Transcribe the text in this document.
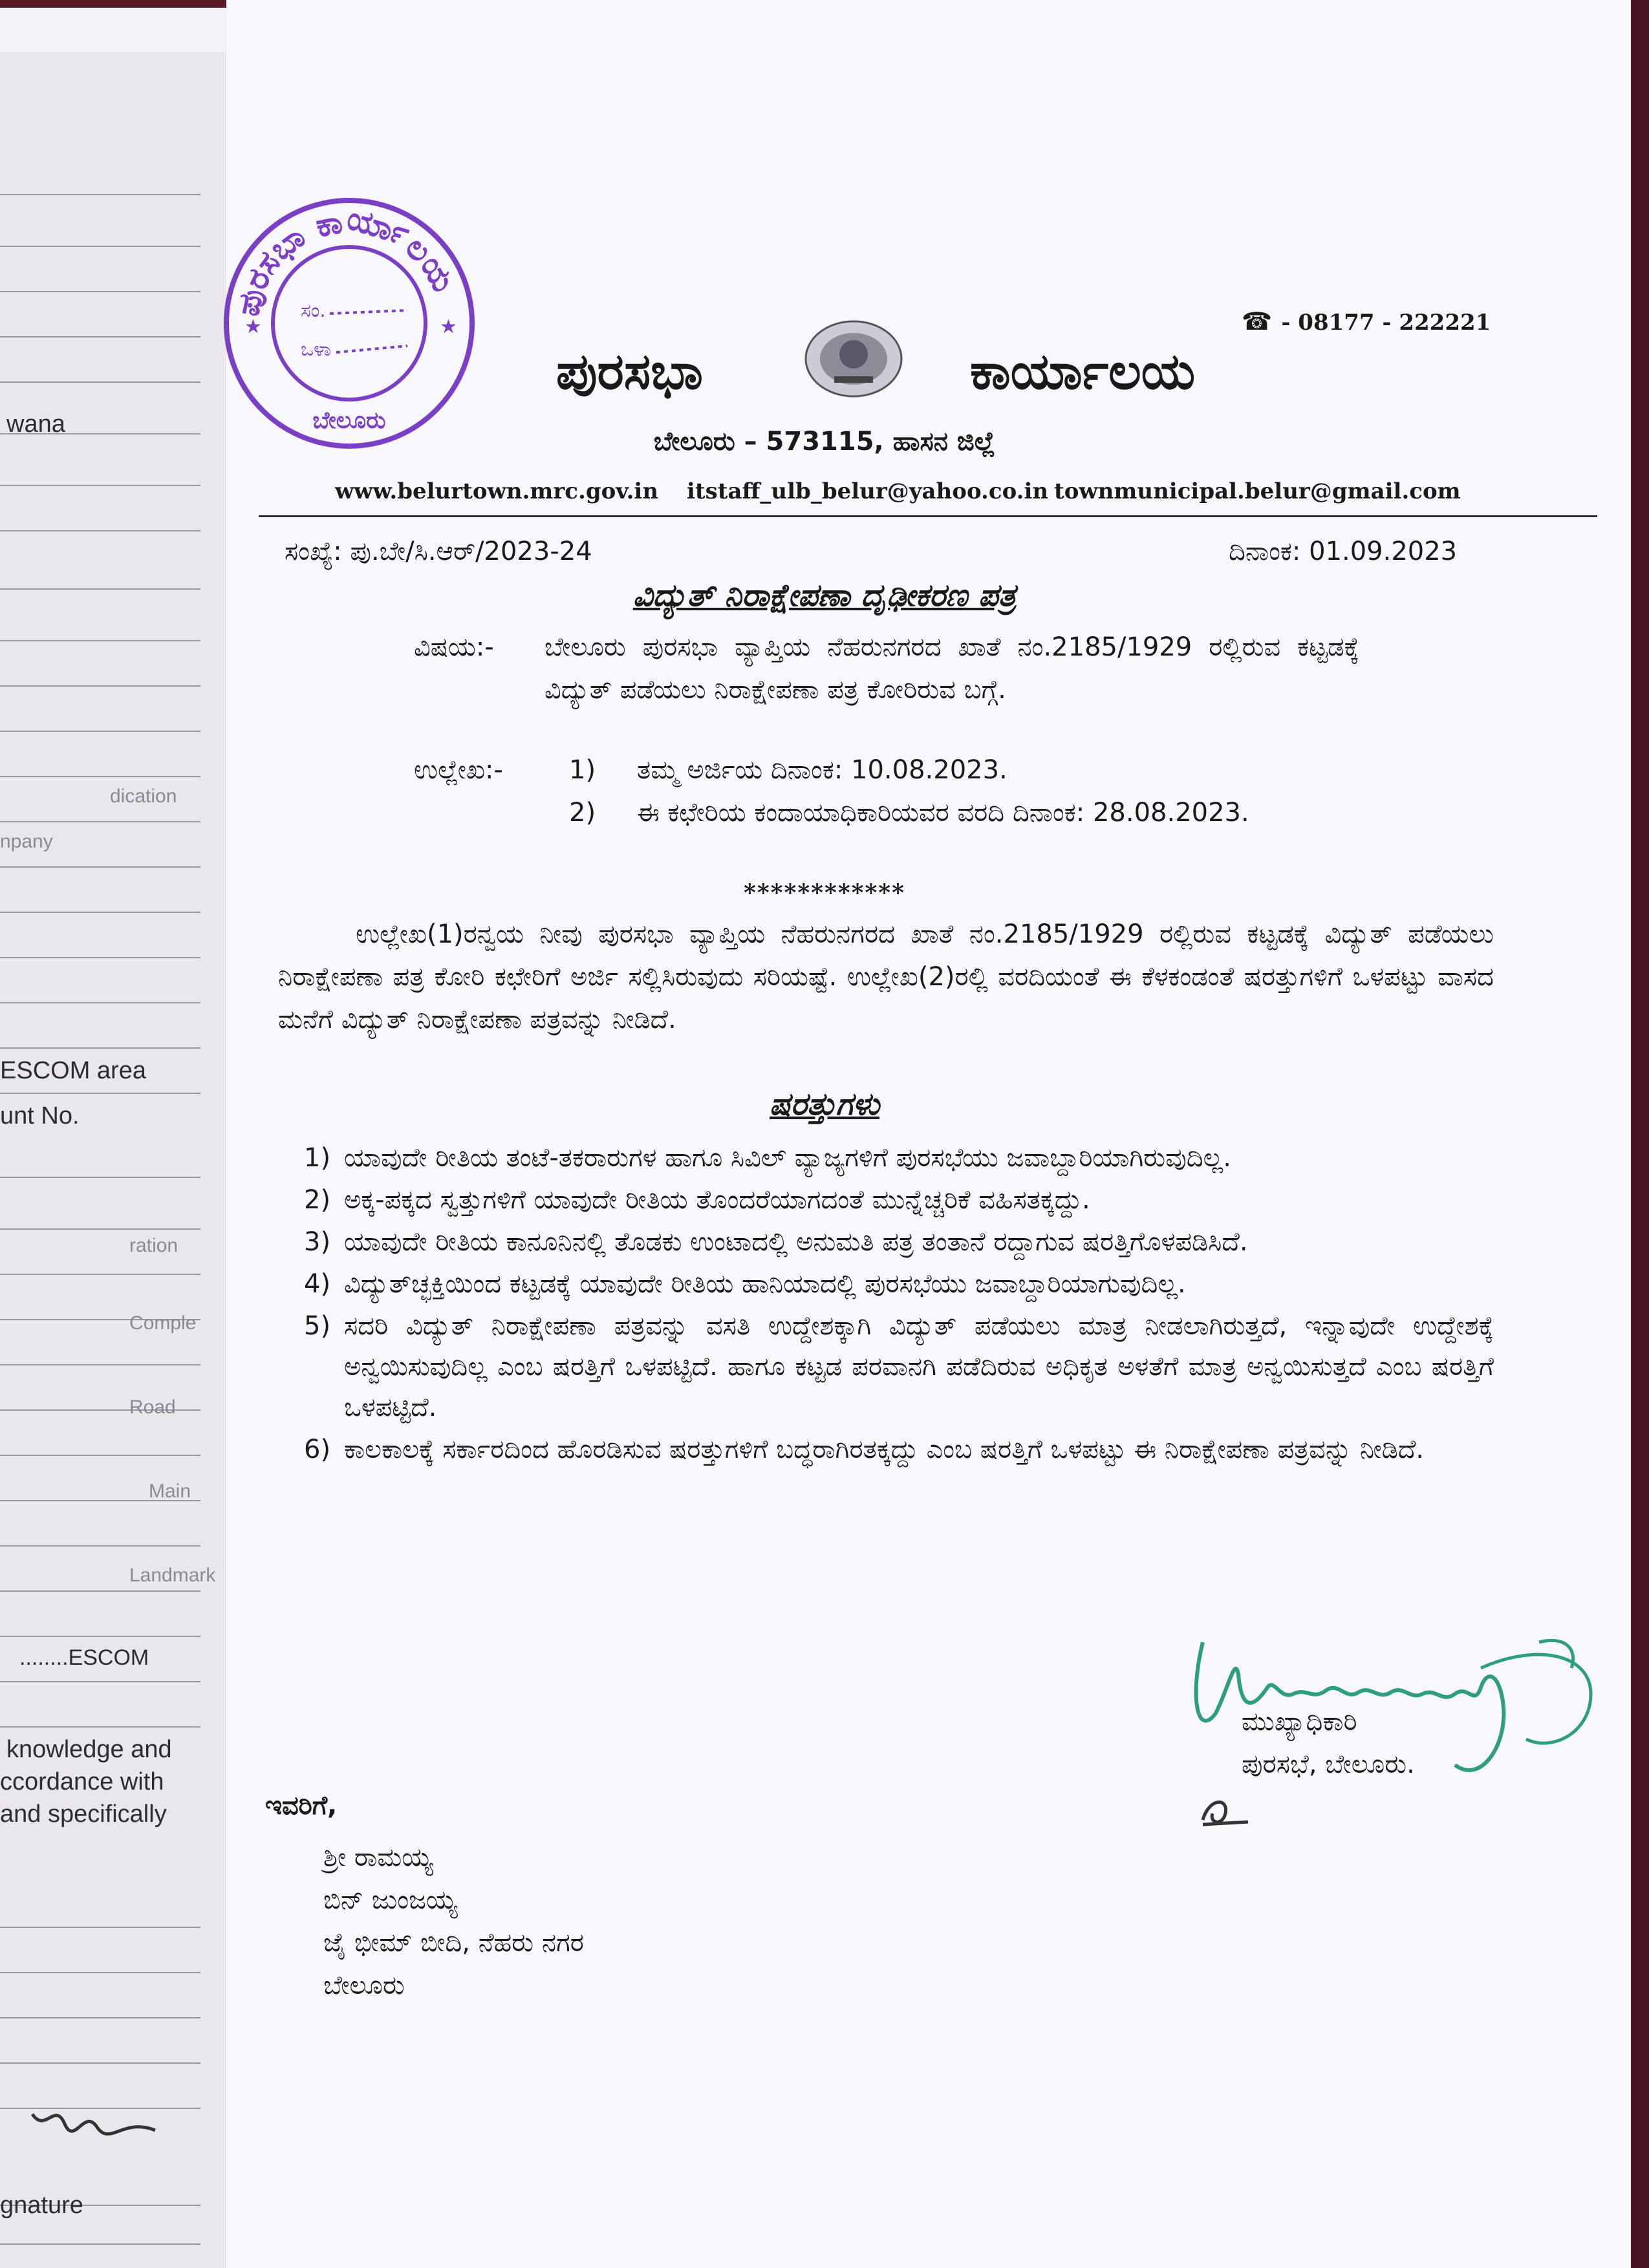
wana
npany
dication
ESCOM area
unt No.
ration
Comple
Road
Main
Landmark
........ESCOM
knowledge and
ccordance with
and specifically
gnature
ಪುರಸಭಾ ಕಾರ್ಯಾಲಯ
ಸಂ.
ಒಳಾ
ಬೇಲೂರು
★	★	☎ - 08177 - 222221
ಪುರಸಭಾ	ಕಾರ್ಯಾಲಯ
ಬೇಲೂರು – 573115, ಹಾಸನ ಜಿಲ್ಲೆ
www.belurtown.mrc.gov.in itstaff_ulb_belur@yahoo.co.in townmunicipal.belur@gmail.com
ಸಂಖ್ಯೆ: ಪು.ಬೇ/ಸಿ.ಆರ್/2023-24	ದಿನಾಂಕ: 01.09.2023
ವಿದ್ಯುತ್ ನಿರಾಕ್ಷೇಪಣಾ ದೃಢೀಕರಣ ಪತ್ರ
ವಿಷಯ:- ಬೇಲೂರು ಪುರಸಭಾ ವ್ಯಾಪ್ತಿಯ ನೆಹರುನಗರದ ಖಾತೆ ನಂ.2185/1929 ರಲ್ಲಿರುವ ಕಟ್ಟಡಕ್ಕೆ ವಿದ್ಯುತ್ ಪಡೆಯಲು ನಿರಾಕ್ಷೇಪಣಾ ಪತ್ರ ಕೋರಿರುವ ಬಗ್ಗೆ.
ಉಲ್ಲೇಖ:-	1) ತಮ್ಮ ಅರ್ಜಿಯ ದಿನಾಂಕ: 10.08.2023.
2) ಈ ಕಛೇರಿಯ ಕಂದಾಯಾಧಿಕಾರಿಯವರ ವರದಿ ದಿನಾಂಕ: 28.08.2023.
************
ಉಲ್ಲೇಖ(1)ರನ್ವಯ ನೀವು ಪುರಸಭಾ ವ್ಯಾಪ್ತಿಯ ನೆಹರುನಗರದ ಖಾತೆ ನಂ.2185/1929 ರಲ್ಲಿರುವ ಕಟ್ಟಡಕ್ಕೆ ವಿದ್ಯುತ್ ಪಡೆಯಲು ನಿರಾಕ್ಷೇಪಣಾ ಪತ್ರ ಕೋರಿ ಕಛೇರಿಗೆ ಅರ್ಜಿ ಸಲ್ಲಿಸಿರುವುದು ಸರಿಯಷ್ಟೆ. ಉಲ್ಲೇಖ(2)ರಲ್ಲಿ ವರದಿಯಂತೆ ಈ ಕೆಳಕಂಡಂತೆ ಷರತ್ತುಗಳಿಗೆ ಒಳಪಟ್ಟು ವಾಸದ ಮನೆಗೆ ವಿದ್ಯುತ್ ನಿರಾಕ್ಷೇಪಣಾ ಪತ್ರವನ್ನು ನೀಡಿದೆ.
ಷರತ್ತುಗಳು
1) ಯಾವುದೇ ರೀತಿಯ ತಂಟೆ-ತಕರಾರುಗಳ ಹಾಗೂ ಸಿವಿಲ್ ವ್ಯಾಜ್ಯಗಳಿಗೆ ಪುರಸಭೆಯು ಜವಾಬ್ದಾರಿಯಾಗಿರುವುದಿಲ್ಲ.
2) ಅಕ್ಕ-ಪಕ್ಕದ ಸ್ವತ್ತುಗಳಿಗೆ ಯಾವುದೇ ರೀತಿಯ ತೊಂದರೆಯಾಗದಂತೆ ಮುನ್ನೆಚ್ಚರಿಕೆ ವಹಿಸತಕ್ಕದ್ದು.
3) ಯಾವುದೇ ರೀತಿಯ ಕಾನೂನಿನಲ್ಲಿ ತೊಡಕು ಉಂಟಾದಲ್ಲಿ ಅನುಮತಿ ಪತ್ರ ತಂತಾನೆ ರದ್ದಾಗುವ ಷರತ್ತಿಗೊಳಪಡಿಸಿದೆ.
4) ವಿದ್ಯುತ್‌ಚ್ಛಕ್ತಿಯಿಂದ ಕಟ್ಟಡಕ್ಕೆ ಯಾವುದೇ ರೀತಿಯ ಹಾನಿಯಾದಲ್ಲಿ ಪುರಸಭೆಯು ಜವಾಬ್ದಾರಿಯಾಗುವುದಿಲ್ಲ.
5) ಸದರಿ ವಿದ್ಯುತ್ ನಿರಾಕ್ಷೇಪಣಾ ಪತ್ರವನ್ನು ವಸತಿ ಉದ್ದೇಶಕ್ಕಾಗಿ ವಿದ್ಯುತ್ ಪಡೆಯಲು ಮಾತ್ರ ನೀಡಲಾಗಿರುತ್ತದೆ, ಇನ್ನಾವುದೇ ಉದ್ದೇಶಕ್ಕೆ ಅನ್ವಯಿಸುವುದಿಲ್ಲ ಎಂಬ ಷರತ್ತಿಗೆ ಒಳಪಟ್ಟಿದೆ. ಹಾಗೂ ಕಟ್ಟಡ ಪರವಾನಗಿ ಪಡೆದಿರುವ ಅಧಿಕೃತ ಅಳತೆಗೆ ಮಾತ್ರ ಅನ್ವಯಿಸುತ್ತದೆ ಎಂಬ ಷರತ್ತಿಗೆ ಒಳಪಟ್ಟಿದೆ.
6) ಕಾಲಕಾಲಕ್ಕೆ ಸರ್ಕಾರದಿಂದ ಹೊರಡಿಸುವ ಷರತ್ತುಗಳಿಗೆ ಬದ್ಧರಾಗಿರತಕ್ಕದ್ದು ಎಂಬ ಷರತ್ತಿಗೆ ಒಳಪಟ್ಟು ಈ ನಿರಾಕ್ಷೇಪಣಾ ಪತ್ರವನ್ನು ನೀಡಿದೆ.
ಮುಖ್ಯಾಧಿಕಾರಿ
ಪುರಸಭೆ, ಬೇಲೂರು.
ಇವರಿಗೆ,
ಶ್ರೀ ರಾಮಯ್ಯ
ಬಿನ್ ಜುಂಜಯ್ಯ
ಜೈ ಭೀಮ್ ಬೀದಿ, ನೆಹರು ನಗರ
ಬೇಲೂರು
